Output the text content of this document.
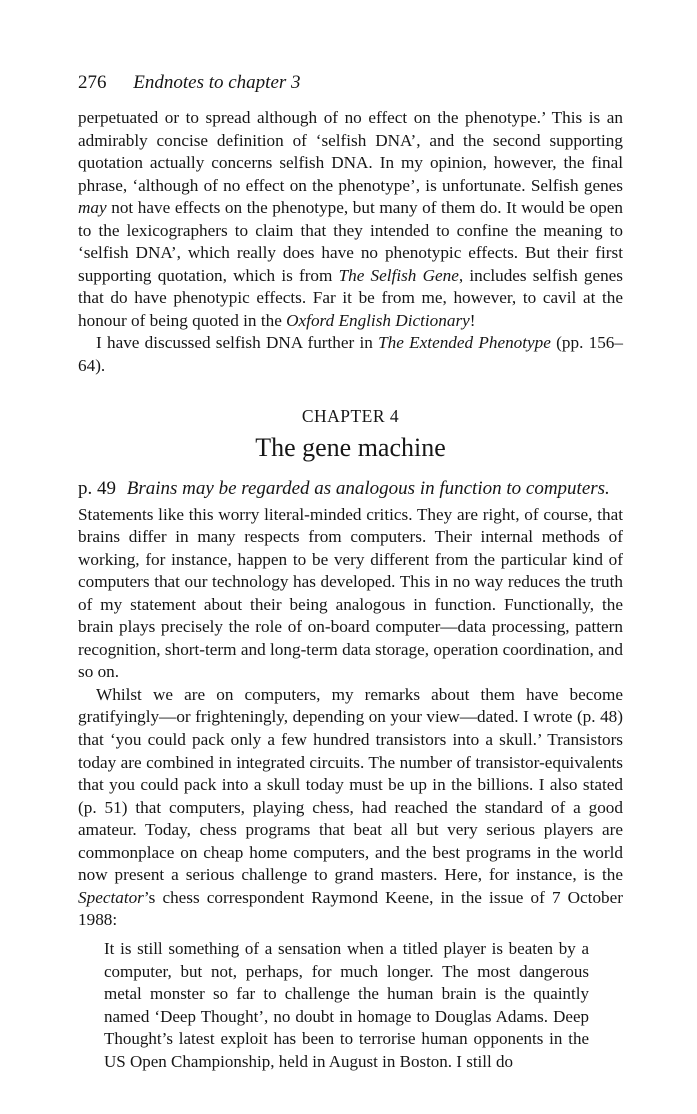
276 Endnotes to chapter 3

perpetuated or to spread although of no effect on the phenotype.’ This is an admirably concise definition of ‘selfish DNA’, and the second supporting quotation actually concerns selfish DNA. In my opinion, however, the final phrase, ‘although of no effect on the phenotype’, is unfortunate. Selfish genes may not have effects on the phenotype, but many of them do. It would be open to the lexicographers to claim that they intended to confine the meaning to ‘selfish DNA’, which really does have no phenotypic effects. But their first supporting quotation, which is from The Selfish Gene, includes selfish genes that do have phenotypic effects. Far it be from me, however, to cavil at the honour of being quoted in the Oxford English Dictionary!

I have discussed selfish DNA further in The Extended Phenotype (pp. 156–64).

CHAPTER 4
The gene machine
p. 49 Brains may be regarded as analogous in function to computers.

Statements like this worry literal-minded critics. They are right, of course, that brains differ in many respects from computers. Their internal methods of working, for instance, happen to be very different from the particular kind of computers that our technology has developed. This in no way reduces the truth of my statement about their being analogous in function. Functionally, the brain plays precisely the role of on-board computer—data processing, pattern recognition, short-term and long-term data storage, operation coordination, and so on.

Whilst we are on computers, my remarks about them have become gratifyingly—or frighteningly, depending on your view—dated. I wrote (p. 48) that ‘you could pack only a few hundred transistors into a skull.’ Transistors today are combined in integrated circuits. The number of transistor-equivalents that you could pack into a skull today must be up in the billions. I also stated (p. 51) that computers, playing chess, had reached the standard of a good amateur. Today, chess programs that beat all but very serious players are commonplace on cheap home computers, and the best programs in the world now present a serious challenge to grand masters. Here, for instance, is the Spectator’s chess correspondent Raymond Keene, in the issue of 7 October 1988:

It is still something of a sensation when a titled player is beaten by a computer, but not, perhaps, for much longer. The most dangerous metal monster so far to challenge the human brain is the quaintly named ‘Deep Thought’, no doubt in homage to Douglas Adams. Deep Thought’s latest exploit has been to terrorise human opponents in the US Open Championship, held in August in Boston. I still do
